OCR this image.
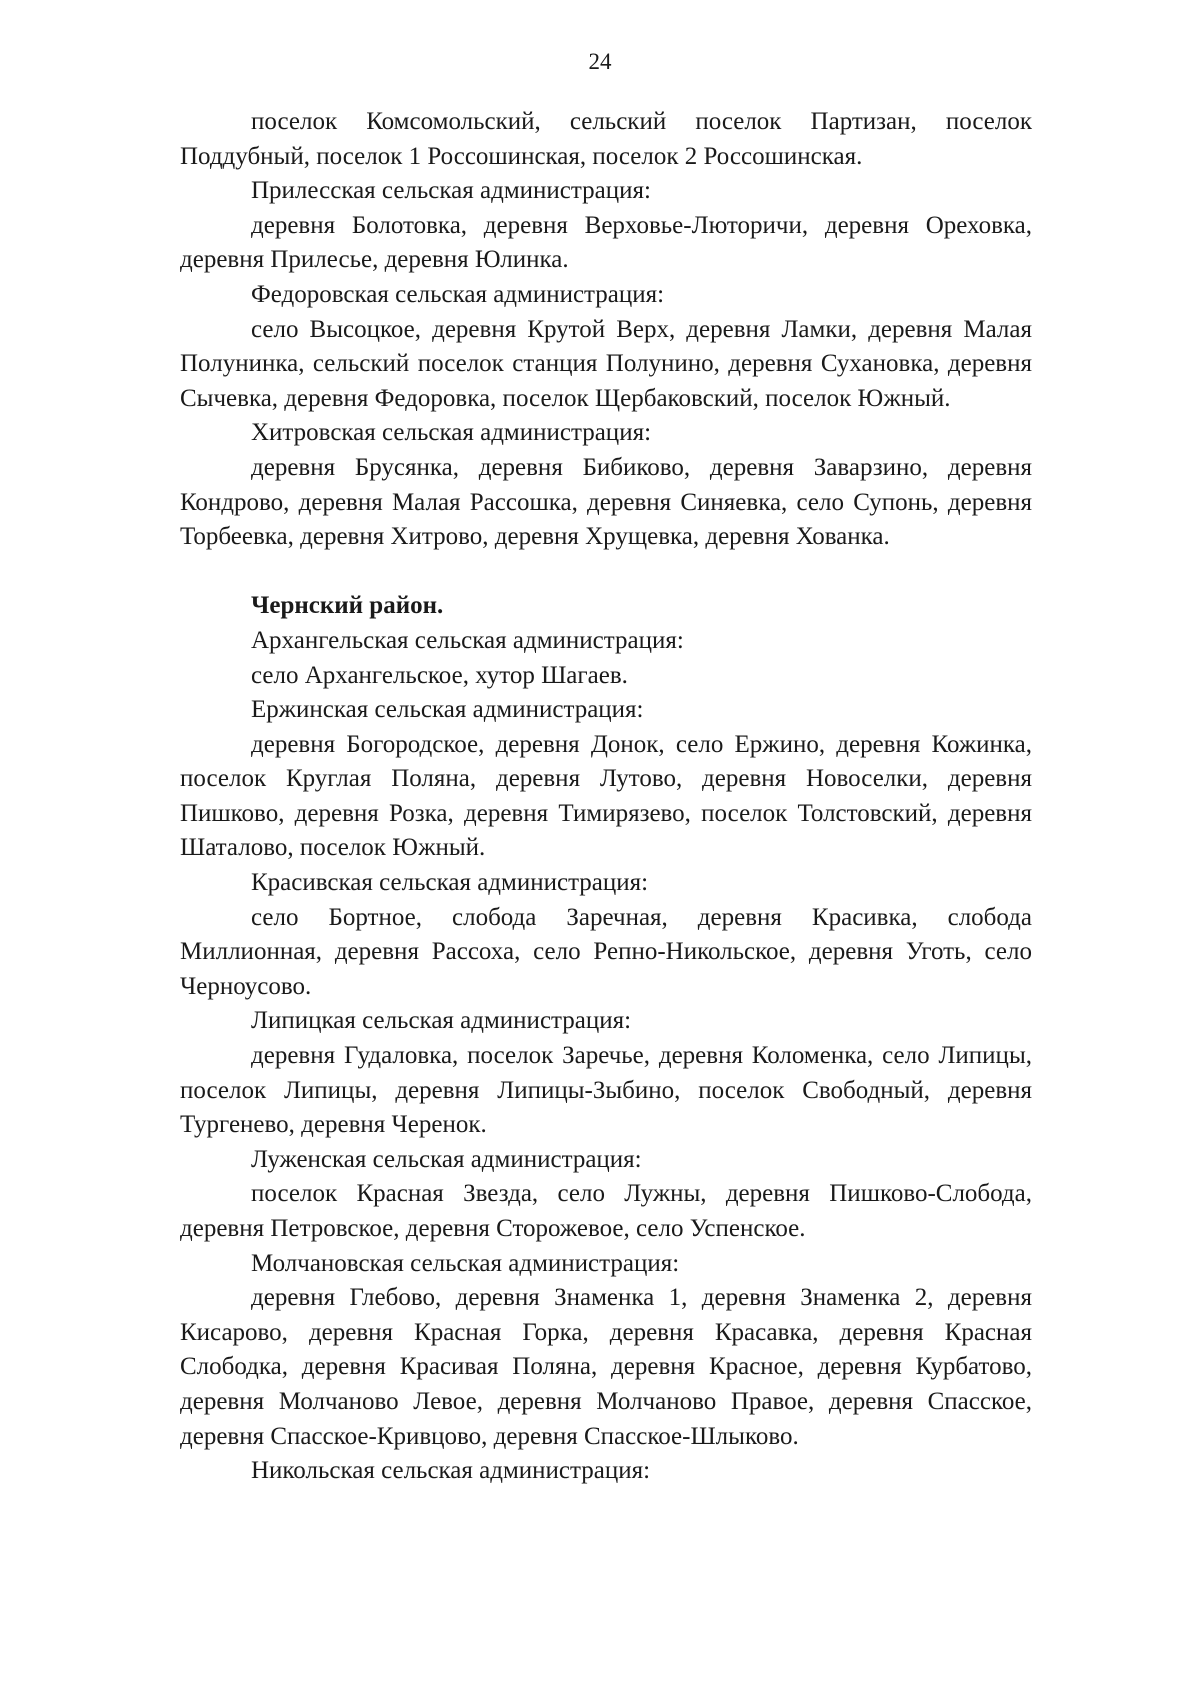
24

поселок Комсомольский, сельский поселок Партизан, поселок Поддубный, поселок 1 Россошинская, поселок 2 Россошинская.

Прилесская сельская администрация:

деревня Болотовка, деревня Верховье-Люторичи, деревня Ореховка, деревня Прилесье, деревня Юлинка.

Федоровская сельская администрация:

село Высоцкое, деревня Крутой Верх, деревня Ламки, деревня Малая Полунинка, сельский поселок станция Полунино, деревня Сухановка, деревня Сычевка, деревня Федоровка, поселок Щербаковский, поселок Южный.

Хитровская сельская администрация:

деревня Брусянка, деревня Бибиково, деревня Заварзино, деревня Кондрово, деревня Малая Рассошка, деревня Синяевка, село Супонь, деревня Торбеевка, деревня Хитрово, деревня Хрущевка, деревня Хованка.

Чернский район.

Архангельская сельская администрация:

село Архангельское, хутор Шагаев.

Ержинская сельская администрация:

деревня Богородское, деревня Донок, село Ержино, деревня Кожинка, поселок Круглая Поляна, деревня Лутово, деревня Новоселки, деревня Пишково, деревня Розка, деревня Тимирязево, поселок Толстовский, деревня Шаталово, поселок Южный.

Красивская сельская администрация:

село Бортное, слобода Заречная, деревня Красивка, слобода Миллионная, деревня Рассоха, село Репно-Никольское, деревня Уготь, село Черноусово.

Липицкая сельская администрация:

деревня Гудаловка, поселок Заречье, деревня Коломенка, село Липицы, поселок Липицы, деревня Липицы-Зыбино, поселок Свободный, деревня Тургенево, деревня Черенок.

Луженская сельская администрация:

поселок Красная Звезда, село Лужны, деревня Пишково-Слобода, деревня Петровское, деревня Сторожевое, село Успенское.

Молчановская сельская администрация:

деревня Глебово, деревня Знаменка 1, деревня Знаменка 2, деревня Кисарово, деревня Красная Горка, деревня Красавка, деревня Красная Слободка, деревня Красивая Поляна, деревня Красное, деревня Курбатово, деревня Молчаново Левое, деревня Молчаново Правое, деревня Спасское, деревня Спасское-Кривцово, деревня Спасское-Шлыково.

Никольская сельская администрация:
